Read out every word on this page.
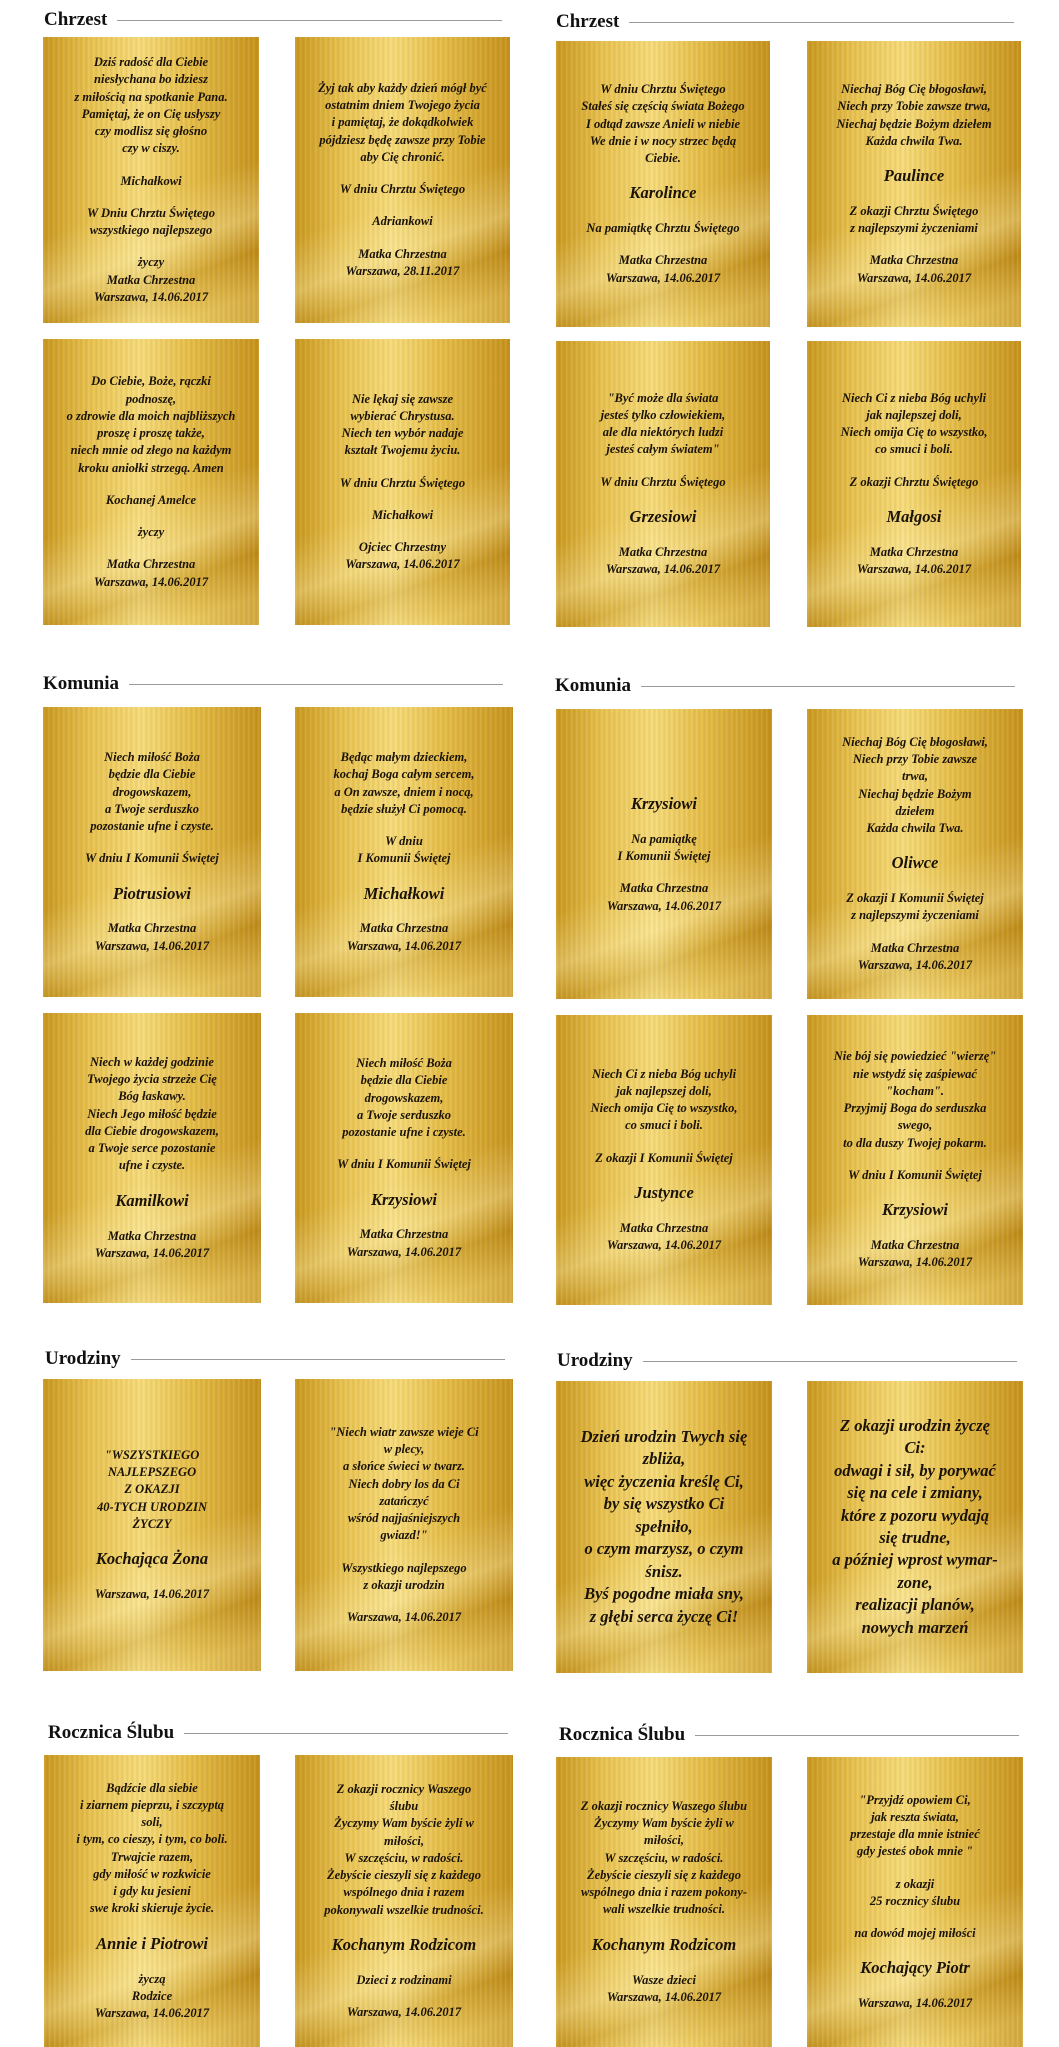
Chrzest	Chrzest
Komunia	Komunia
Urodziny	Urodziny
Rocznica Ślubu	Rocznica Ślubu
Dziś radość dla Ciebie
niesłychana bo idziesz
z miłością na spotkanie Pana.
Pamiętaj, że on Cię usłyszy
czy modlisz się głośno
czy w ciszy.
Michałkowi
W Dniu Chrztu Świętego
wszystkiego najlepszego
życzy
Matka Chrzestna
Warszawa, 14.06.2017
Żyj tak aby każdy dzień mógł być
ostatnim dniem Twojego życia
i pamiętaj, że dokądkolwiek
pójdziesz będę zawsze przy Tobie
aby Cię chronić.
W dniu Chrztu Świętego
Adriankowi
Matka Chrzestna
Warszawa, 28.11.2017
W dniu Chrztu Świętego
Stałeś się częścią świata Bożego
I odtąd zawsze Anieli w niebie
We dnie i w nocy strzec będą
Ciebie.
Karolince
Na pamiątkę Chrztu Świętego
Matka Chrzestna
Warszawa, 14.06.2017
Niechaj Bóg Cię błogosławi,
Niech przy Tobie zawsze trwa,
Niechaj będzie Bożym dziełem
Każda chwila Twa.
Paulince
Z okazji Chrztu Świętego
z najlepszymi życzeniami
Matka Chrzestna
Warszawa, 14.06.2017
Do Ciebie, Boże, rączki
podnoszę,
o zdrowie dla moich najbliższych
proszę i proszę także,
niech mnie od złego na każdym
kroku aniołki strzegą. Amen
Kochanej Amelce
życzy
Matka Chrzestna
Warszawa, 14.06.2017
Nie lękaj się zawsze
wybierać Chrystusa.
Niech ten wybór nadaje
kształt Twojemu życiu.
W dniu Chrztu Świętego
Michałkowi
Ojciec Chrzestny
Warszawa, 14.06.2017
"Być może dla świata
jesteś tylko człowiekiem,
ale dla niektórych ludzi
jesteś całym światem"
W dniu Chrztu Świętego
Grzesiowi
Matka Chrzestna
Warszawa, 14.06.2017
Niech Ci z nieba Bóg uchyli
jak najlepszej doli,
Niech omija Cię to wszystko,
co smuci i boli.
Z okazji Chrztu Świętego
Małgosi
Matka Chrzestna
Warszawa, 14.06.2017
Niech miłość Boża
będzie dla Ciebie
drogowskazem,
a Twoje serduszko
pozostanie ufne i czyste.
W dniu I Komunii Świętej
Piotrusiowi
Matka Chrzestna
Warszawa, 14.06.2017
Będąc małym dzieckiem,
kochaj Boga całym sercem,
a On zawsze, dniem i nocą,
będzie służył Ci pomocą.
W dniu
I Komunii Świętej
Michałkowi
Matka Chrzestna
Warszawa, 14.06.2017
Krzysiowi
Na pamiątkę
I Komunii Świętej
Matka Chrzestna
Warszawa, 14.06.2017
Niechaj Bóg Cię błogosławi,
Niech przy Tobie zawsze
trwa,
Niechaj będzie Bożym
dziełem
Każda chwila Twa.
Oliwce
Z okazji I Komunii Świętej
z najlepszymi życzeniami
Matka Chrzestna
Warszawa, 14.06.2017
Niech w każdej godzinie
Twojego życia strzeże Cię
Bóg łaskawy.
Niech Jego miłość będzie
dla Ciebie drogowskazem,
a Twoje serce pozostanie
ufne i czyste.
Kamilkowi
Matka Chrzestna
Warszawa, 14.06.2017
Niech miłość Boża
będzie dla Ciebie
drogowskazem,
a Twoje serduszko
pozostanie ufne i czyste.
W dniu I Komunii Świętej
Krzysiowi
Matka Chrzestna
Warszawa, 14.06.2017
Niech Ci z nieba Bóg uchyli
jak najlepszej doli,
Niech omija Cię to wszystko,
co smuci i boli.
Z okazji I Komunii Świętej
Justynce
Matka Chrzestna
Warszawa, 14.06.2017
Nie bój się powiedzieć "wierzę"
nie wstydź się zaśpiewać
"kocham".
Przyjmij Boga do serduszka
swego,
to dla duszy Twojej pokarm.
W dniu I Komunii Świętej
Krzysiowi
Matka Chrzestna
Warszawa, 14.06.2017
"WSZYSTKIEGO
NAJLEPSZEGO
Z OKAZJI
40-TYCH URODZIN
ŻYCZY
Kochająca Żona
Warszawa, 14.06.2017
"Niech wiatr zawsze wieje Ci
w plecy,
a słońce świeci w twarz.
Niech dobry los da Ci
zatańczyć
wśród najjaśniejszych
gwiazd!"
Wszystkiego najlepszego
z okazji urodzin
Warszawa, 14.06.2017
Dzień urodzin Twych się
zbliża,
więc życzenia kreślę Ci,
by się wszystko Ci
spełniło,
o czym marzysz, o czym
śnisz.
Byś pogodne miała sny,
z głębi serca życzę Ci!
Z okazji urodzin życzę
Ci:
odwagi i sił, by porywać
się na cele i zmiany,
które z pozoru wydają
się trudne,
a później wprost wymar-
zone,
realizacji planów,
nowych marzeń
Bądźcie dla siebie
i ziarnem pieprzu, i szczyptą
soli,
i tym, co cieszy, i tym, co boli.
Trwajcie razem,
gdy miłość w rozkwicie
i gdy ku jesieni
swe kroki skieruje życie.
Annie i Piotrowi
życzą
Rodzice
Warszawa, 14.06.2017
Z okazji rocznicy Waszego
ślubu
Życzymy Wam byście żyli w
miłości,
W szczęściu, w radości.
Żebyście cieszyli się z każdego
wspólnego dnia i razem
pokonywali wszelkie trudności.
Kochanym Rodzicom
Dzieci z rodzinami
Warszawa, 14.06.2017
Z okazji rocznicy Waszego ślubu
Życzymy Wam byście żyli w
miłości,
W szczęściu, w radości.
Żebyście cieszyli się z każdego
wspólnego dnia i razem pokony-
wali wszelkie trudności.
Kochanym Rodzicom
Wasze dzieci
Warszawa, 14.06.2017
"Przyjdź opowiem Ci,
jak reszta świata,
przestaje dla mnie istnieć
gdy jesteś obok mnie "
z okazji
25 rocznicy ślubu
na dowód mojej miłości
Kochający Piotr
Warszawa, 14.06.2017
